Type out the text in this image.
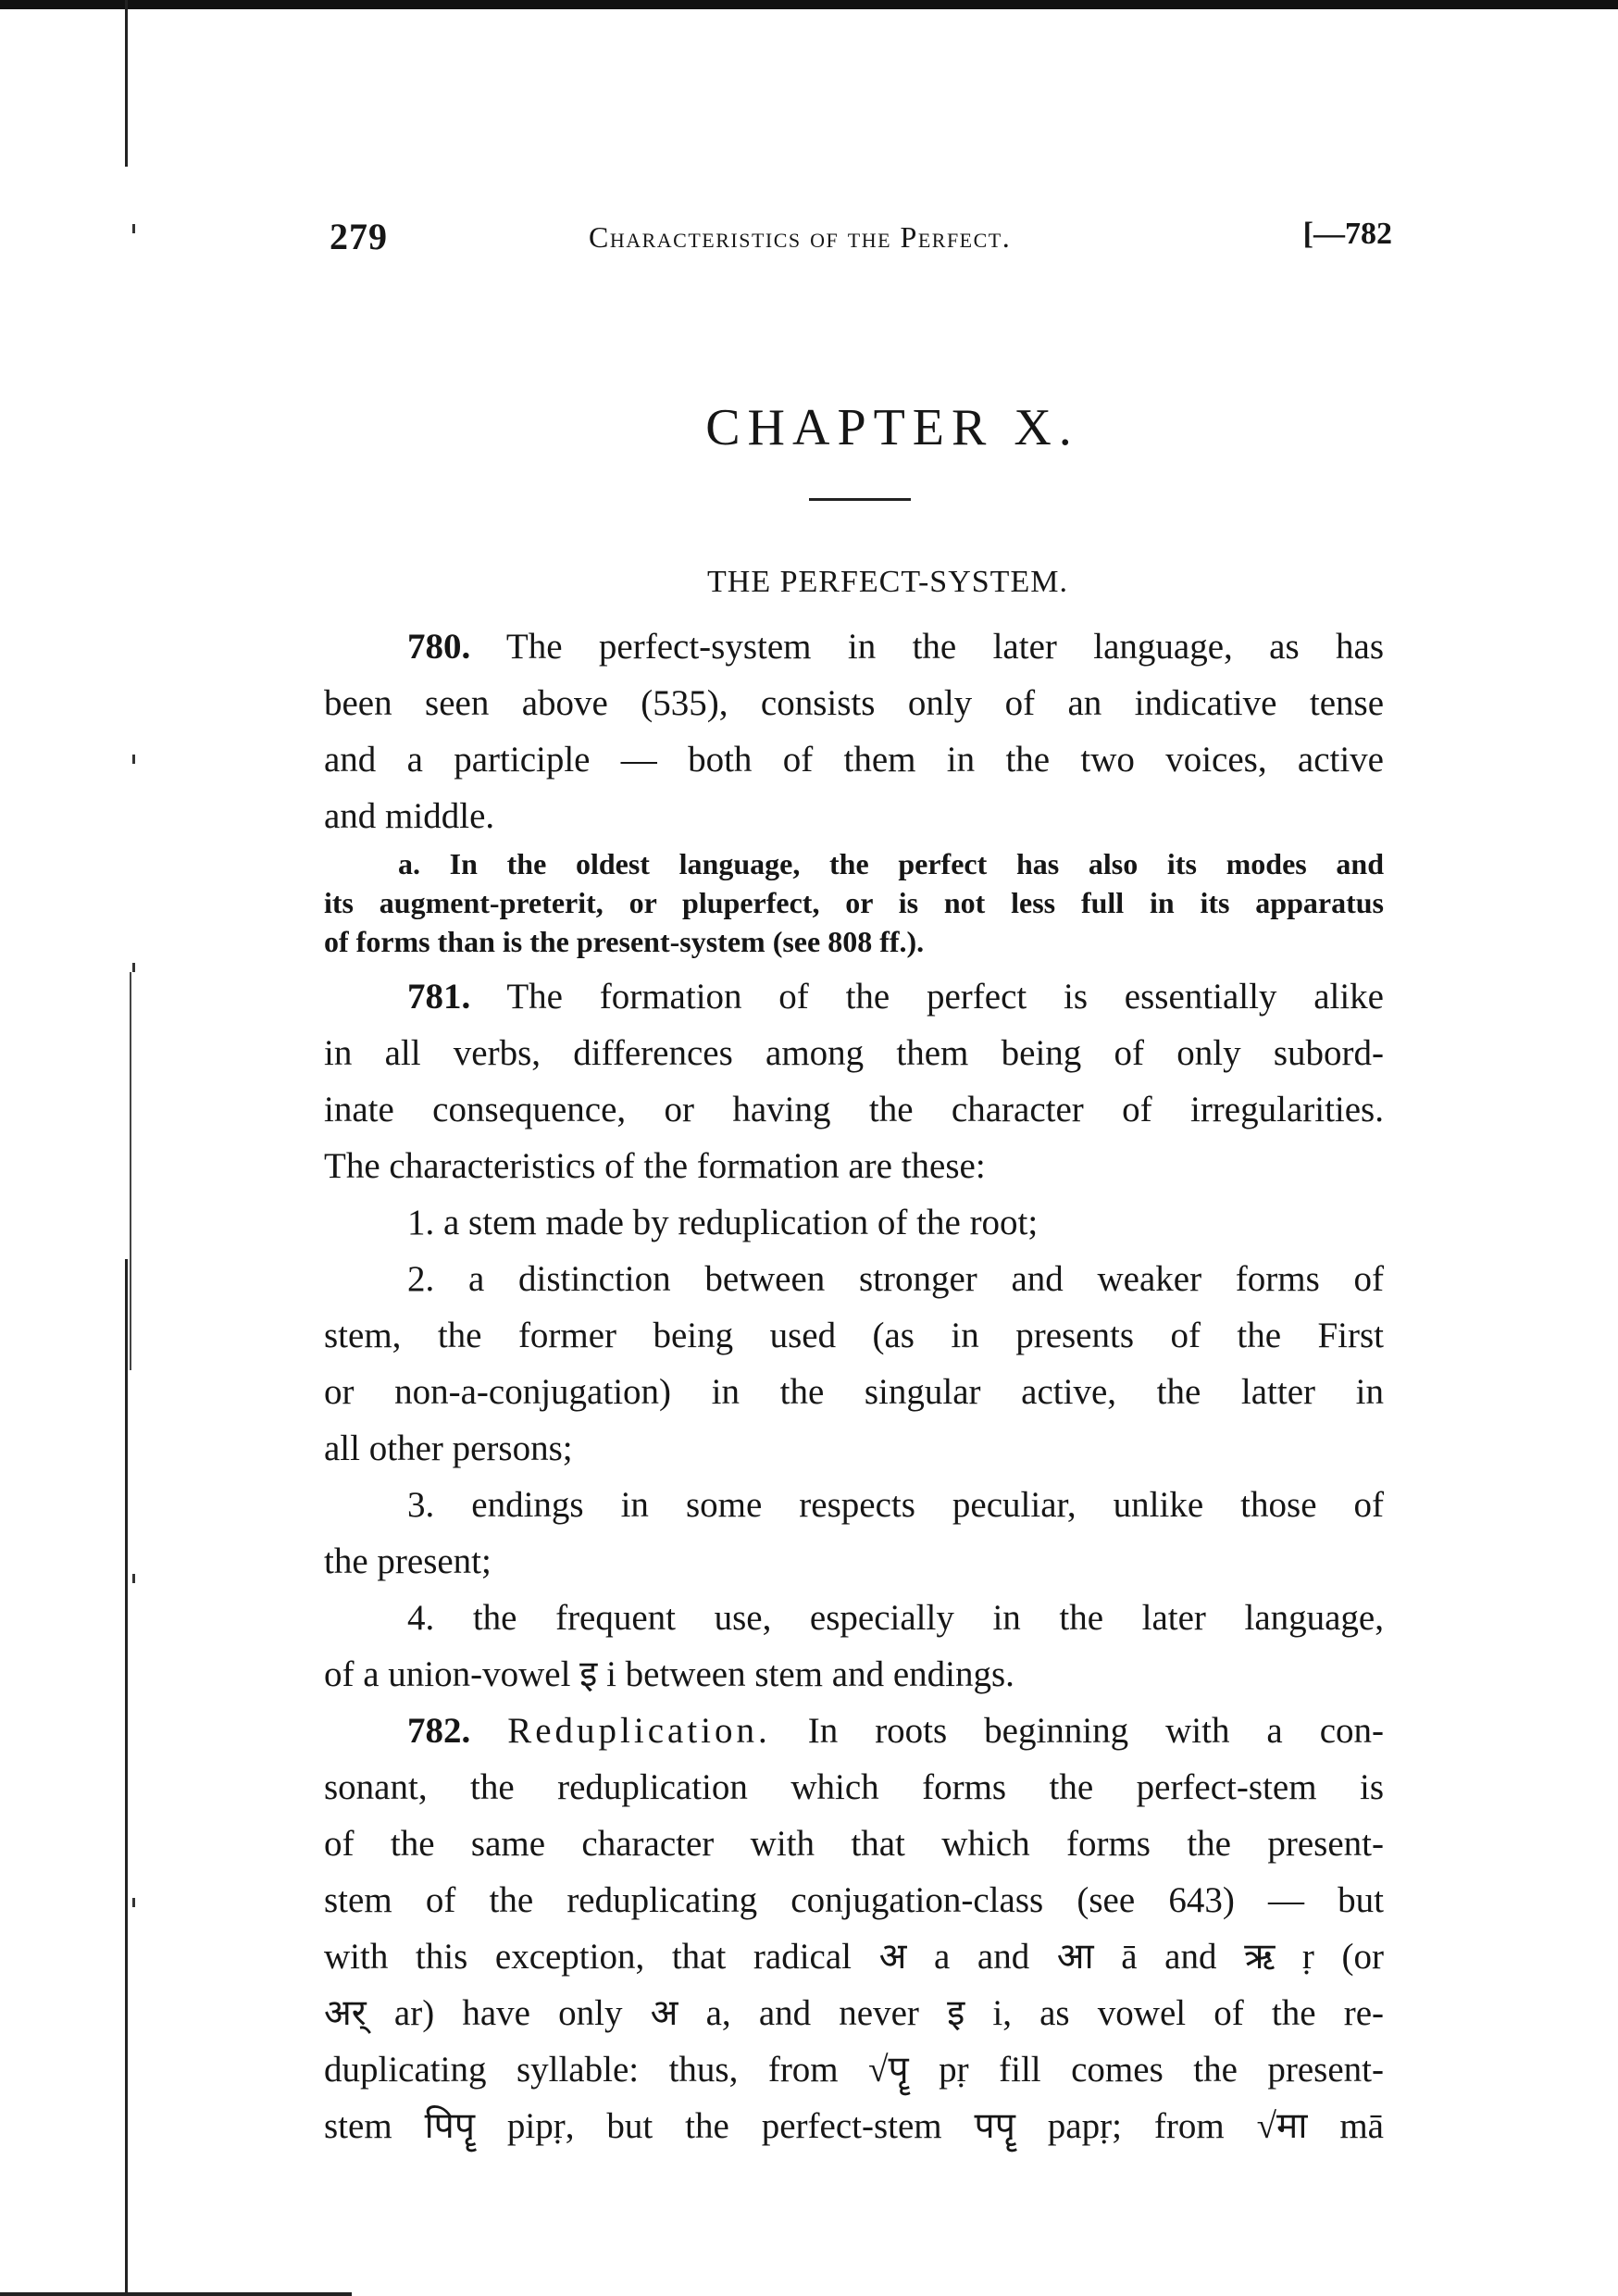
279	Characteristics of the Perfect.	[—782
CHAPTER X.
THE PERFECT-SYSTEM.
780. The perfect-system in the later language, as has
been seen above (535), consists only of an indicative tense
and a participle — both of them in the two voices, active
and middle.
a. In the oldest language, the perfect has also its modes and
its augment-preterit, or pluperfect, or is not less full in its apparatus
of forms than is the present-system (see 808 ff.).
781. The formation of the perfect is essentially alike
in all verbs, differences among them being of only subord-
inate consequence, or having the character of irregularities.
The characteristics of the formation are these:
1. a stem made by reduplication of the root;
2. a distinction between stronger and weaker forms of
stem, the former being used (as in presents of the First
or non-a-conjugation) in the singular active, the latter in
all other persons;
3. endings in some respects peculiar, unlike those of
the present;
4. the frequent use, especially in the later language,
of a union-vowel इ i between stem and endings.
782. Reduplication. In roots beginning with a con-
sonant, the reduplication which forms the perfect-stem is
of the same character with that which forms the present-
stem of the reduplicating conjugation-class (see 643) — but
with this exception, that radical अ a and आ ā and ऋ ṛ (or
अर् ar) have only अ a, and never इ i, as vowel of the re-
duplicating syllable: thus, from √पॄ pṛ fill comes the present-
stem पिपॄ pipṛ, but the perfect-stem पपॄ papṛ; from √मा mā
